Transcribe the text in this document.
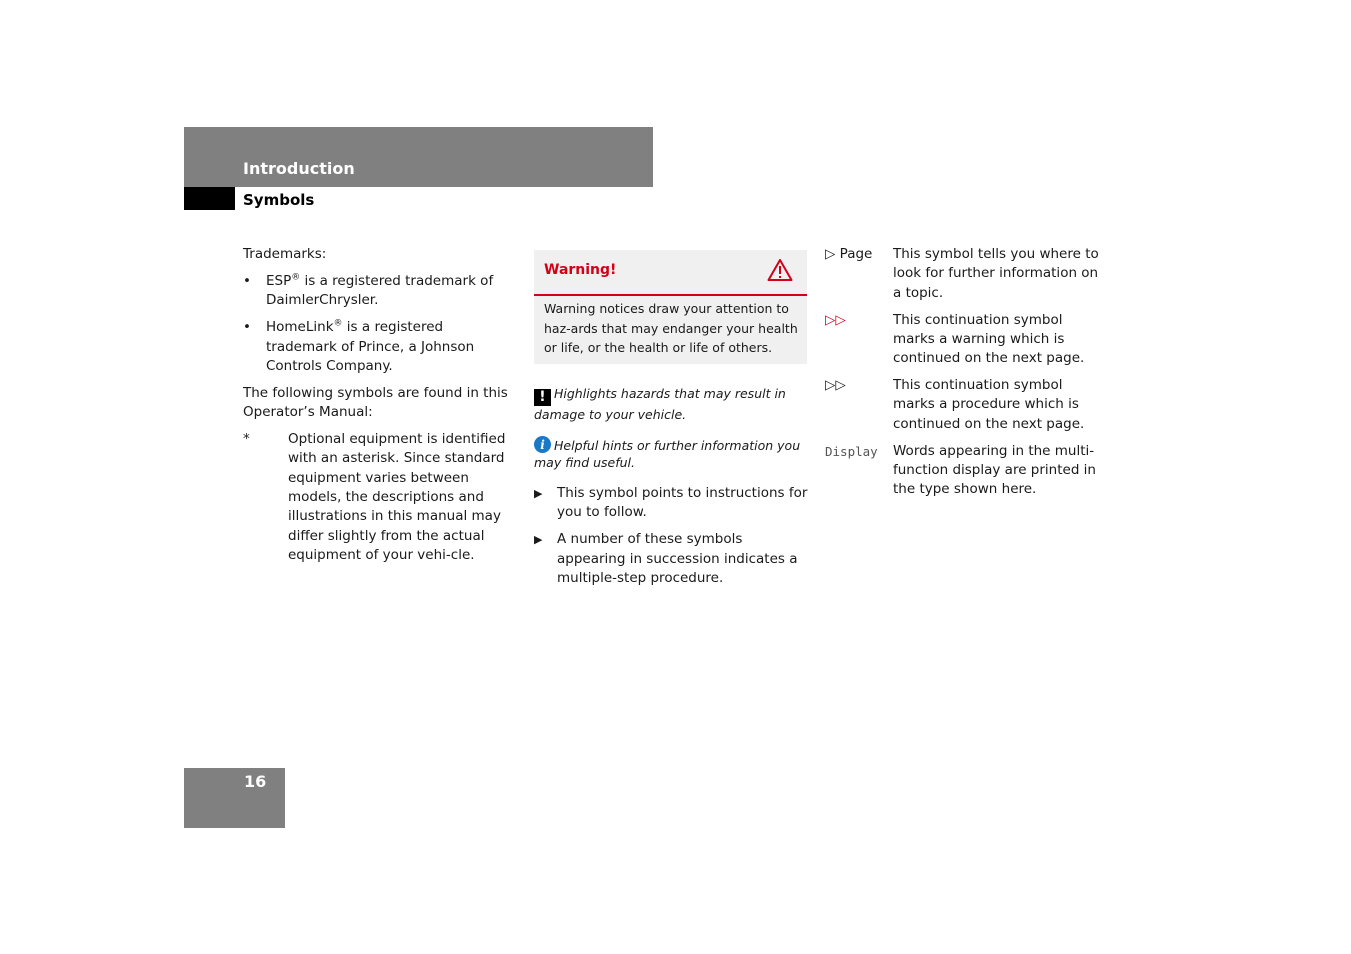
Introduction
Symbols

Trademarks:

•	ESP® is a registered trademark of DaimlerChrysler.
•	HomeLink® is a registered trademark of Prince, a Johnson Controls Company.

The following symbols are found in this Operator’s Manual:

*	Optional equipment is identified with an asterisk. Since standard equipment varies between models, the descriptions and illustrations in this manual may differ slightly from the actual equipment of your vehi-cle.
Warning!
Warning notices draw your attention to haz-ards that may endanger your health or life, or the health or life of others.
! Highlights hazards that may result in damage to your vehicle.
i Helpful hints or further information you may find useful.
▶	This symbol points to instructions for you to follow.
▶	A number of these symbols appearing in succession indicates a multiple-step procedure.
▷ Page	This symbol tells you where to look for further information on a topic.
▷▷	This continuation symbol marks a warning which is continued on the next page.
▷▷	This continuation symbol marks a procedure which is continued on the next page.
Display	Words appearing in the multi-function display are printed in the type shown here.
16
